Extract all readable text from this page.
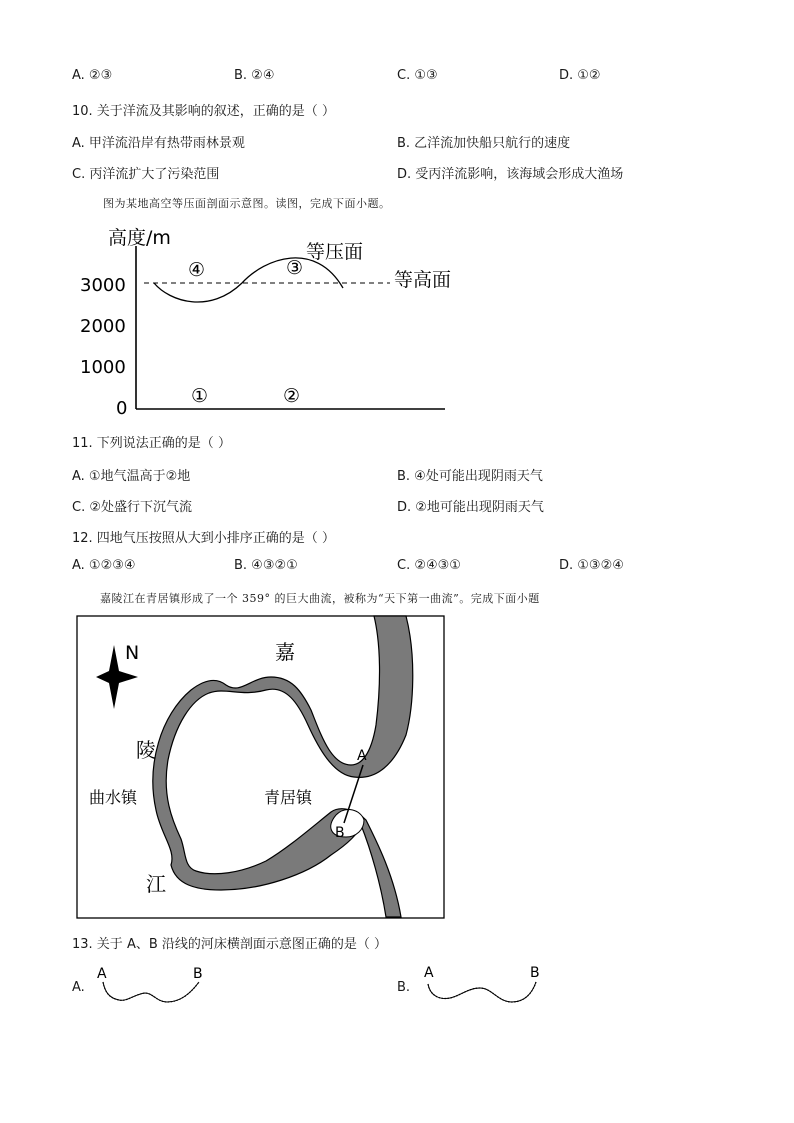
A. ②③	B. ②④	C. ①③	D. ①②
10. 关于洋流及其影响的叙述，正确的是（ ）
A. 甲洋流沿岸有热带雨林景观	B. 乙洋流加快船只航行的速度
C. 丙洋流扩大了污染范围	D. 受丙洋流影响，该海域会形成大渔场
图为某地高空等压面剖面示意图。读图，完成下面小题。
高度/m
3000
2000
1000
0
④	③
等压面
等高面
①	②
11. 下列说法正确的是（ ）
A. ①地气温高于②地	B. ④处可能出现阴雨天气
C. ②处盛行下沉气流	D. ②地可能出现阴雨天气
12. 四地气压按照从大到小排序正确的是（ ）
A. ①②③④	B. ④③②①	C. ②④③①	D. ①③②④
嘉陵江在青居镇形成了一个 359° 的巨大曲流，被称为“天下第一曲流”。完成下面小题
N	嘉
陵
江
曲水镇	青居镇
A
B
13. 关于 A、B 沿线的河床横剖面示意图正确的是（ ）
A.
A	B
B.
A	B
